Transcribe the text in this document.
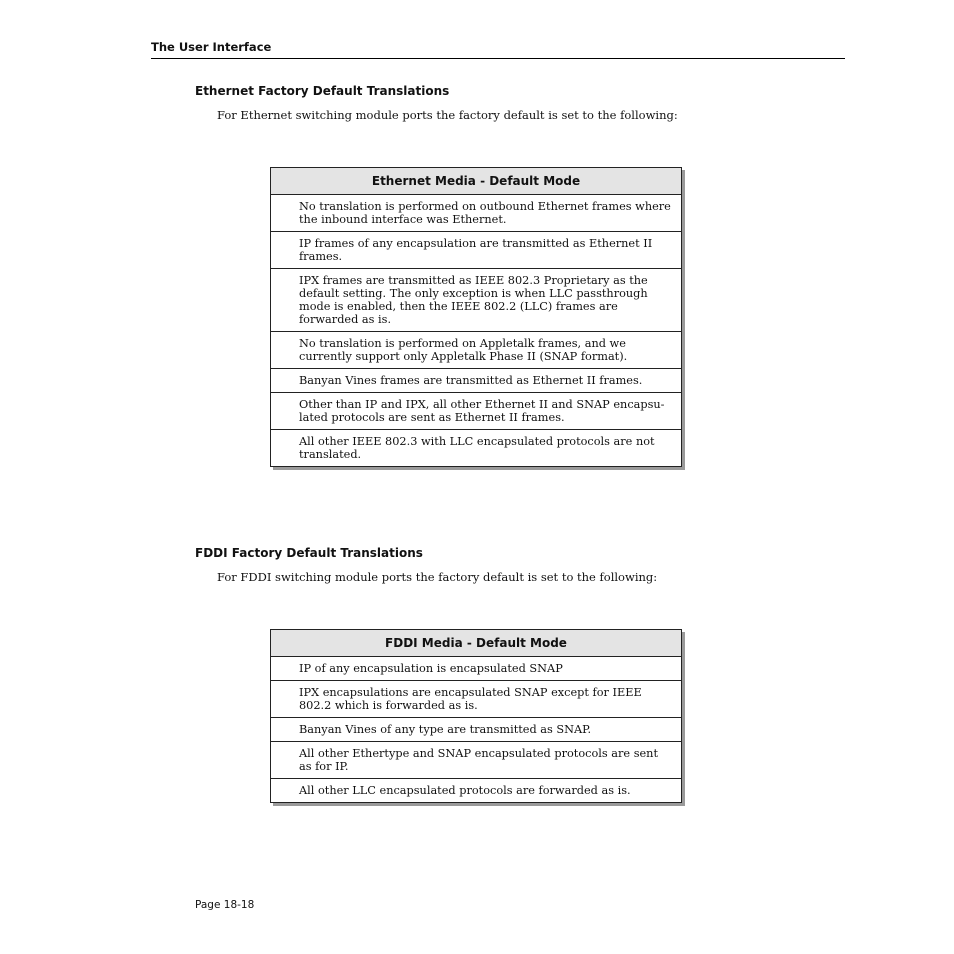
The User Interface
Ethernet Factory Default Translations
For Ethernet switching module ports the factory default is set to the following:
Ethernet Media - Default Mode
No translation is performed on outbound Ethernet frames where the inbound interface was Ethernet.
IP frames of any encapsulation are transmitted as Ethernet II frames.
IPX frames are transmitted as IEEE 802.3 Proprietary as the default setting. The only exception is when LLC passthrough mode is enabled, then the IEEE 802.2 (LLC) frames are forwarded as is.
No translation is performed on Appletalk frames, and we currently support only Appletalk Phase II (SNAP format).
Banyan Vines frames are transmitted as Ethernet II frames.
Other than IP and IPX, all other Ethernet II and SNAP encapsu-lated protocols are sent as Ethernet II frames.
All other IEEE 802.3 with LLC encapsulated protocols are not translated.
FDDI Factory Default Translations
For FDDI switching module ports the factory default is set to the following:
FDDI Media - Default Mode
IP of any encapsulation is encapsulated SNAP
IPX encapsulations are encapsulated SNAP except for IEEE 802.2 which is forwarded as is.
Banyan Vines of any type are transmitted as SNAP.
All other Ethertype and SNAP encapsulated protocols are sent as for IP.
All other LLC encapsulated protocols are forwarded as is.
Page 18-18
